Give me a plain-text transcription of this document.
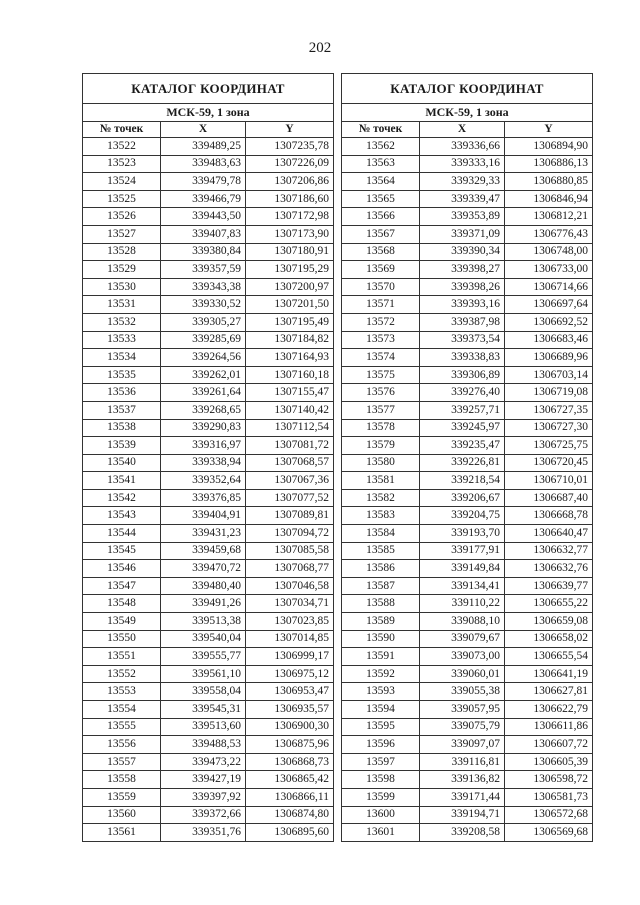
202
КАТАЛОГ КООРДИНАТ		
МСК-59, 1 зона		
№ точек	X	Y
13522	339489,25	1307235,78
13523	339483,63	1307226,09
13524	339479,78	1307206,86
13525	339466,79	1307186,60
13526	339443,50	1307172,98
13527	339407,83	1307173,90
13528	339380,84	1307180,91
13529	339357,59	1307195,29
13530	339343,38	1307200,97
13531	339330,52	1307201,50
13532	339305,27	1307195,49
13533	339285,69	1307184,82
13534	339264,56	1307164,93
13535	339262,01	1307160,18
13536	339261,64	1307155,47
13537	339268,65	1307140,42
13538	339290,83	1307112,54
13539	339316,97	1307081,72
13540	339338,94	1307068,57
13541	339352,64	1307067,36
13542	339376,85	1307077,52
13543	339404,91	1307089,81
13544	339431,23	1307094,72
13545	339459,68	1307085,58
13546	339470,72	1307068,77
13547	339480,40	1307046,58
13548	339491,26	1307034,71
13549	339513,38	1307023,85
13550	339540,04	1307014,85
13551	339555,77	1306999,17
13552	339561,10	1306975,12
13553	339558,04	1306953,47
13554	339545,31	1306935,57
13555	339513,60	1306900,30
13556	339488,53	1306875,96
13557	339473,22	1306868,73
13558	339427,19	1306865,42
13559	339397,92	1306866,11
13560	339372,66	1306874,80
13561	339351,76	1306895,60
КАТАЛОГ КООРДИНАТ		
МСК-59, 1 зона		
№ точек	X	Y
13562	339336,66	1306894,90
13563	339333,16	1306886,13
13564	339329,33	1306880,85
13565	339339,47	1306846,94
13566	339353,89	1306812,21
13567	339371,09	1306776,43
13568	339390,34	1306748,00
13569	339398,27	1306733,00
13570	339398,26	1306714,66
13571	339393,16	1306697,64
13572	339387,98	1306692,52
13573	339373,54	1306683,46
13574	339338,83	1306689,96
13575	339306,89	1306703,14
13576	339276,40	1306719,08
13577	339257,71	1306727,35
13578	339245,97	1306727,30
13579	339235,47	1306725,75
13580	339226,81	1306720,45
13581	339218,54	1306710,01
13582	339206,67	1306687,40
13583	339204,75	1306668,78
13584	339193,70	1306640,47
13585	339177,91	1306632,77
13586	339149,84	1306632,76
13587	339134,41	1306639,77
13588	339110,22	1306655,22
13589	339088,10	1306659,08
13590	339079,67	1306658,02
13591	339073,00	1306655,54
13592	339060,01	1306641,19
13593	339055,38	1306627,81
13594	339057,95	1306622,79
13595	339075,79	1306611,86
13596	339097,07	1306607,72
13597	339116,81	1306605,39
13598	339136,82	1306598,72
13599	339171,44	1306581,73
13600	339194,71	1306572,68
13601	339208,58	1306569,68
